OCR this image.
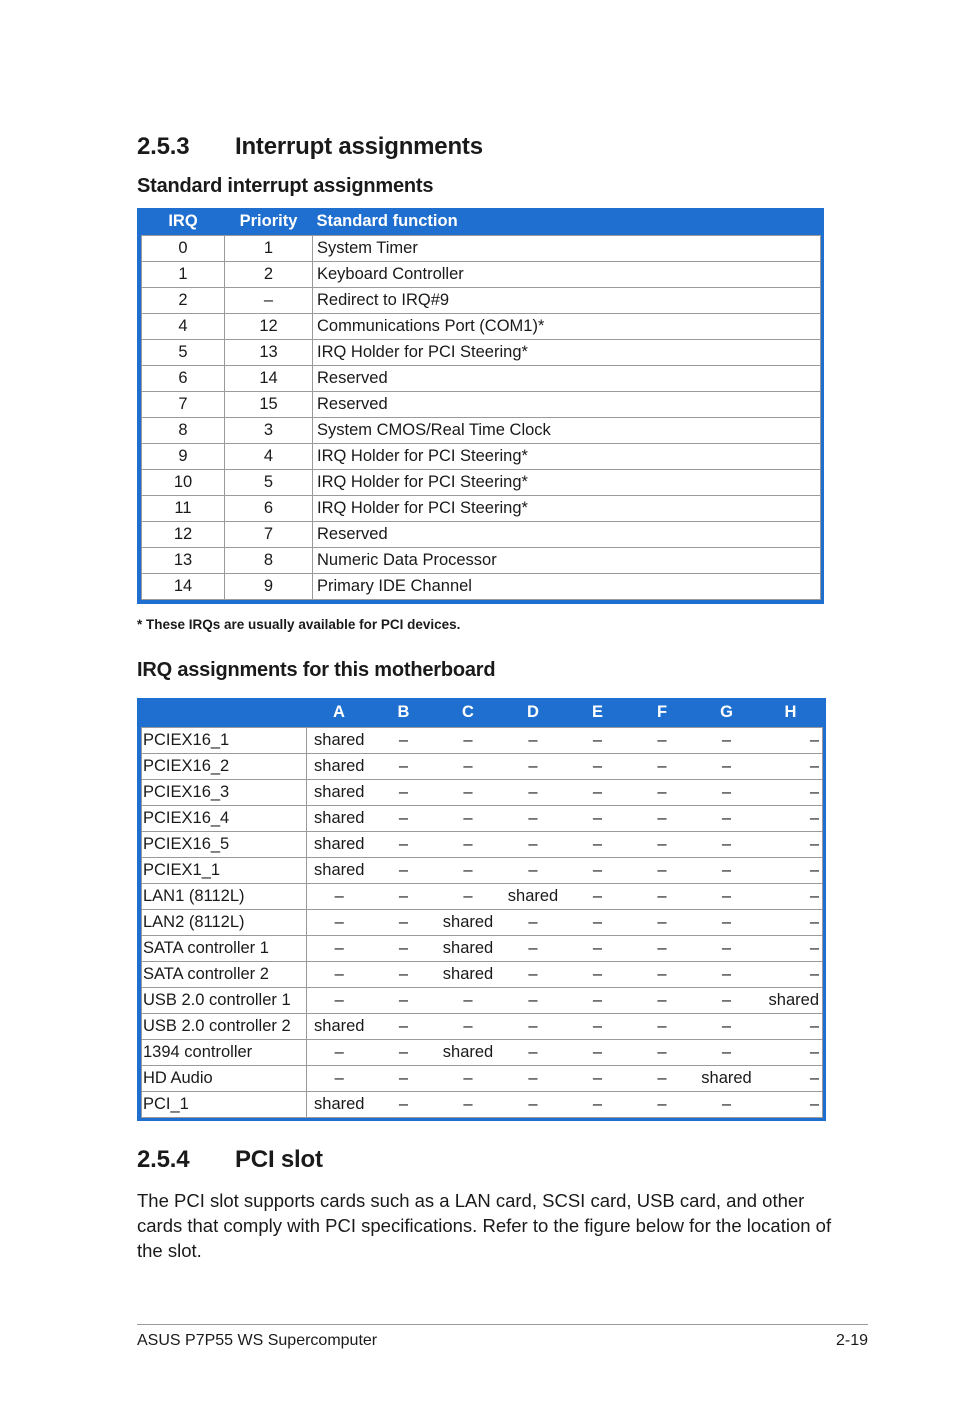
2.5.3 Interrupt assignments
Standard interrupt assignments
IRQ	Priority	Standard function
0	1	System Timer
1	2	Keyboard Controller
2	–	Redirect to IRQ#9
4	12	Communications Port (COM1)*
5	13	IRQ Holder for PCI Steering*
6	14	Reserved
7	15	Reserved
8	3	System CMOS/Real Time Clock
9	4	IRQ Holder for PCI Steering*
10	5	IRQ Holder for PCI Steering*
11	6	IRQ Holder for PCI Steering*
12	7	Reserved
13	8	Numeric Data Processor
14	9	Primary IDE Channel
* These IRQs are usually available for PCI devices.
IRQ assignments for this motherboard
	A	B	C	D	E	F	G	H
PCIEX16_1	shared	–	–	–	–	–	–	–
PCIEX16_2	shared	–	–	–	–	–	–	–
PCIEX16_3	shared	–	–	–	–	–	–	–
PCIEX16_4	shared	–	–	–	–	–	–	–
PCIEX16_5	shared	–	–	–	–	–	–	–
PCIEX1_1	shared	–	–	–	–	–	–	–
LAN1 (8112L)	–	–	–	shared	–	–	–	–
LAN2 (8112L)	–	–	shared	–	–	–	–	–
SATA controller 1	–	–	shared	–	–	–	–	–
SATA controller 2	–	–	shared	–	–	–	–	–
USB 2.0 controller 1	–	–	–	–	–	–	–	shared
USB 2.0 controller 2	shared	–	–	–	–	–	–	–
1394 controller	–	–	shared	–	–	–	–	–
HD Audio	–	–	–	–	–	–	shared	–
PCI_1	shared	–	–	–	–	–	–	–
2.5.4 PCI slot
The PCI slot supports cards such as a LAN card, SCSI card, USB card, and other cards that comply with PCI specifications. Refer to the figure below for the location of the slot.
ASUS P7P55 WS Supercomputer	2-19
